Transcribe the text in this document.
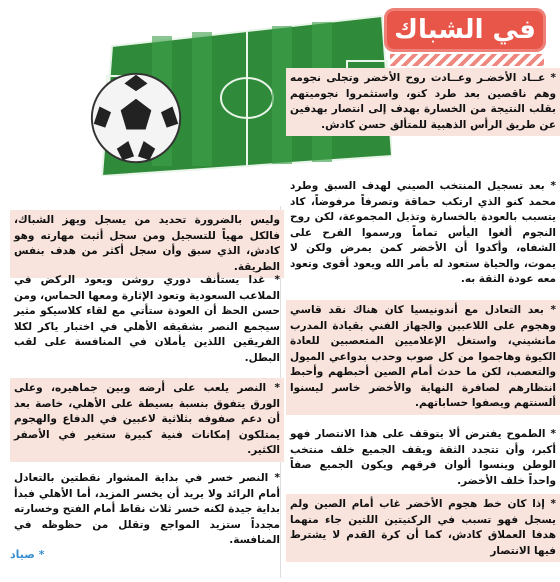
في الشباك

* عــاد الأخضـر وعــادت روح الأخضر وتجلى نجومه وهم ناقصين بعد طرد كنو، واستثمروا نجوميتهم بقلب النتيجة من الخسارة بهدف إلى انتصار بهدفين عن طريق الرأس الذهبية للمتألق حسن كادش.

* بعد تسجيل المنتخب الصيني لهدف السبق وطرد محمد كنو الذي ارتكب حماقة وتصرفاً مرفوضاً، كاد يتسبب بالعودة بالخسارة وتذيل المجموعة، لكن روح النجوم ألغوا اليأس تماماً ورسموا الفرح على الشفاه، وأكدوا أن الأخضر كمن يمرض ولكن لا يموت، والحياة ستعود له بأمر الله ويعود أقوى وتعود معه عودة الثقة به.

* بعد التعادل مع أندونيسيا كان هناك نقد قاسي وهجوم على اللاعبين والجهاز الفني بقيادة المدرب مانشيني، واستغل الإعلاميين المتعصبين للعادة الكيوة وهاجموا من كل صوب وحدب بدواعي الميول والتعصب، لكن ما حدث أمام الصين أحبطهم وأحبط انتظارهم لصافرة النهاية والأخضر خاسر ليسنوا ألسنتهم ويصفوا حساباتهم.

* الطموح يفترض ألا يتوقف على هذا الانتصار فهو أكبر، وأن تتجدد الثقة ويقف الجميع خلف منتخب الوطن وينسوا ألوان فرقهم ويكون الجميع صفاً واحداً خلف الأخضر.

* إذا كان خط هجوم الأخضر غاب أمام الصين ولم يسجل فهو تسبب في الركنيتين اللتين جاء منهما هدفا العملاق كادش، كما أن كرة القدم لا يشترط فيها الانتصار

وليس بالضرورة تحديد من يسجل ويهز الشباك، فالكل مهياً للتسجيل ومن سجل أثبت مهارته وهو كادش، الذي سبق وأن سجل أكثر من هدف بنفس الطريقة.

* غدا يستأنف دوري روشن ويعود الركض في الملاعب السعودية وتعود الإثارة ومعها الحماس، ومن حسن الحظ أن العودة ستأتي مع لقاء كلاسيكو مثير سيجمع النصر بشقيقه الأهلي في اختبار ياكر لكلا الفريقين اللذين يأملان في المنافسة على لقب البطل.

* النصر يلعب على أرضه وبين جماهيره، وعلى الورق يتفوق بنسبة بسيطة على الأهلي، خاصة بعد أن دعم صفوفه بثلاثية لاعبين في الدفاع والهجوم يمتلكون إمكانات فنية كبيرة ستغير في الأصفر الكثير.

* النصر خسر في بداية المشوار نقطتين بالتعادل أمام الرائد ولا يريد أن يخسر المزيد، أما الأهلي فبدأ بداية جيدة لكنه خسر ثلاث نقاط أمام الفتح وخسارته مجدداً ستزيد المواجع وتقلل من حظوظه في المنافسة.

* صياد
